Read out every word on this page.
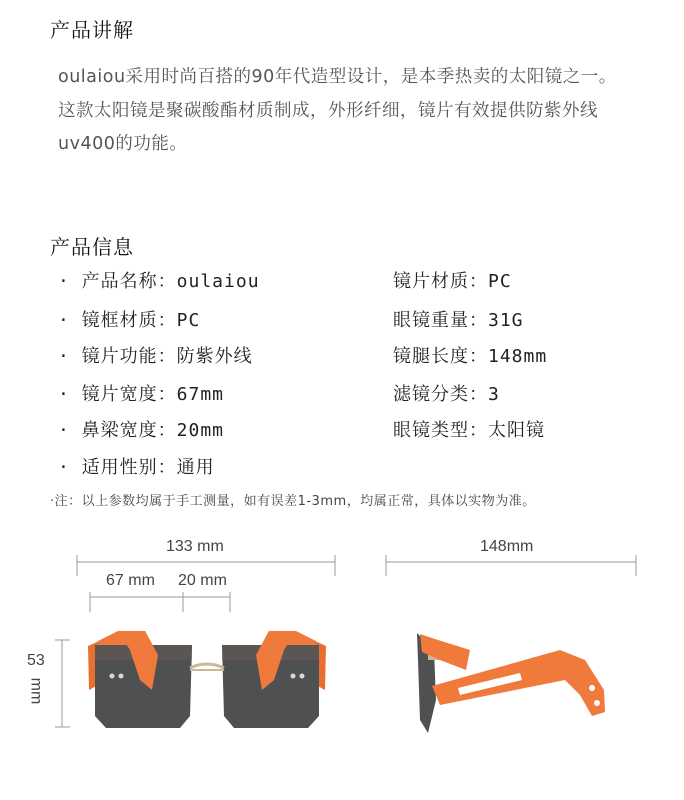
产品讲解
oulaiou采用时尚百搭的90年代造型设计，是本季热卖的太阳镜之一。
这款太阳镜是聚碳酸酯材质制成，外形纤细，镜片有效提供防紫外线
uv400的功能。
产品信息
· 产品名称：oulaiou
· 镜框材质：PC
· 镜片功能：防紫外线
· 镜片宽度：67mm
· 鼻梁宽度：20mm
· 适用性别：通用
镜片材质：PC
眼镜重量：31G
镜腿长度：148mm
滤镜分类：3
眼镜类型：太阳镜
·注：以上参数均属于手工测量，如有误差1-3mm，均属正常，具体以实物为准。
133 mm
67 mm 20 mm
148mm
53
mm
